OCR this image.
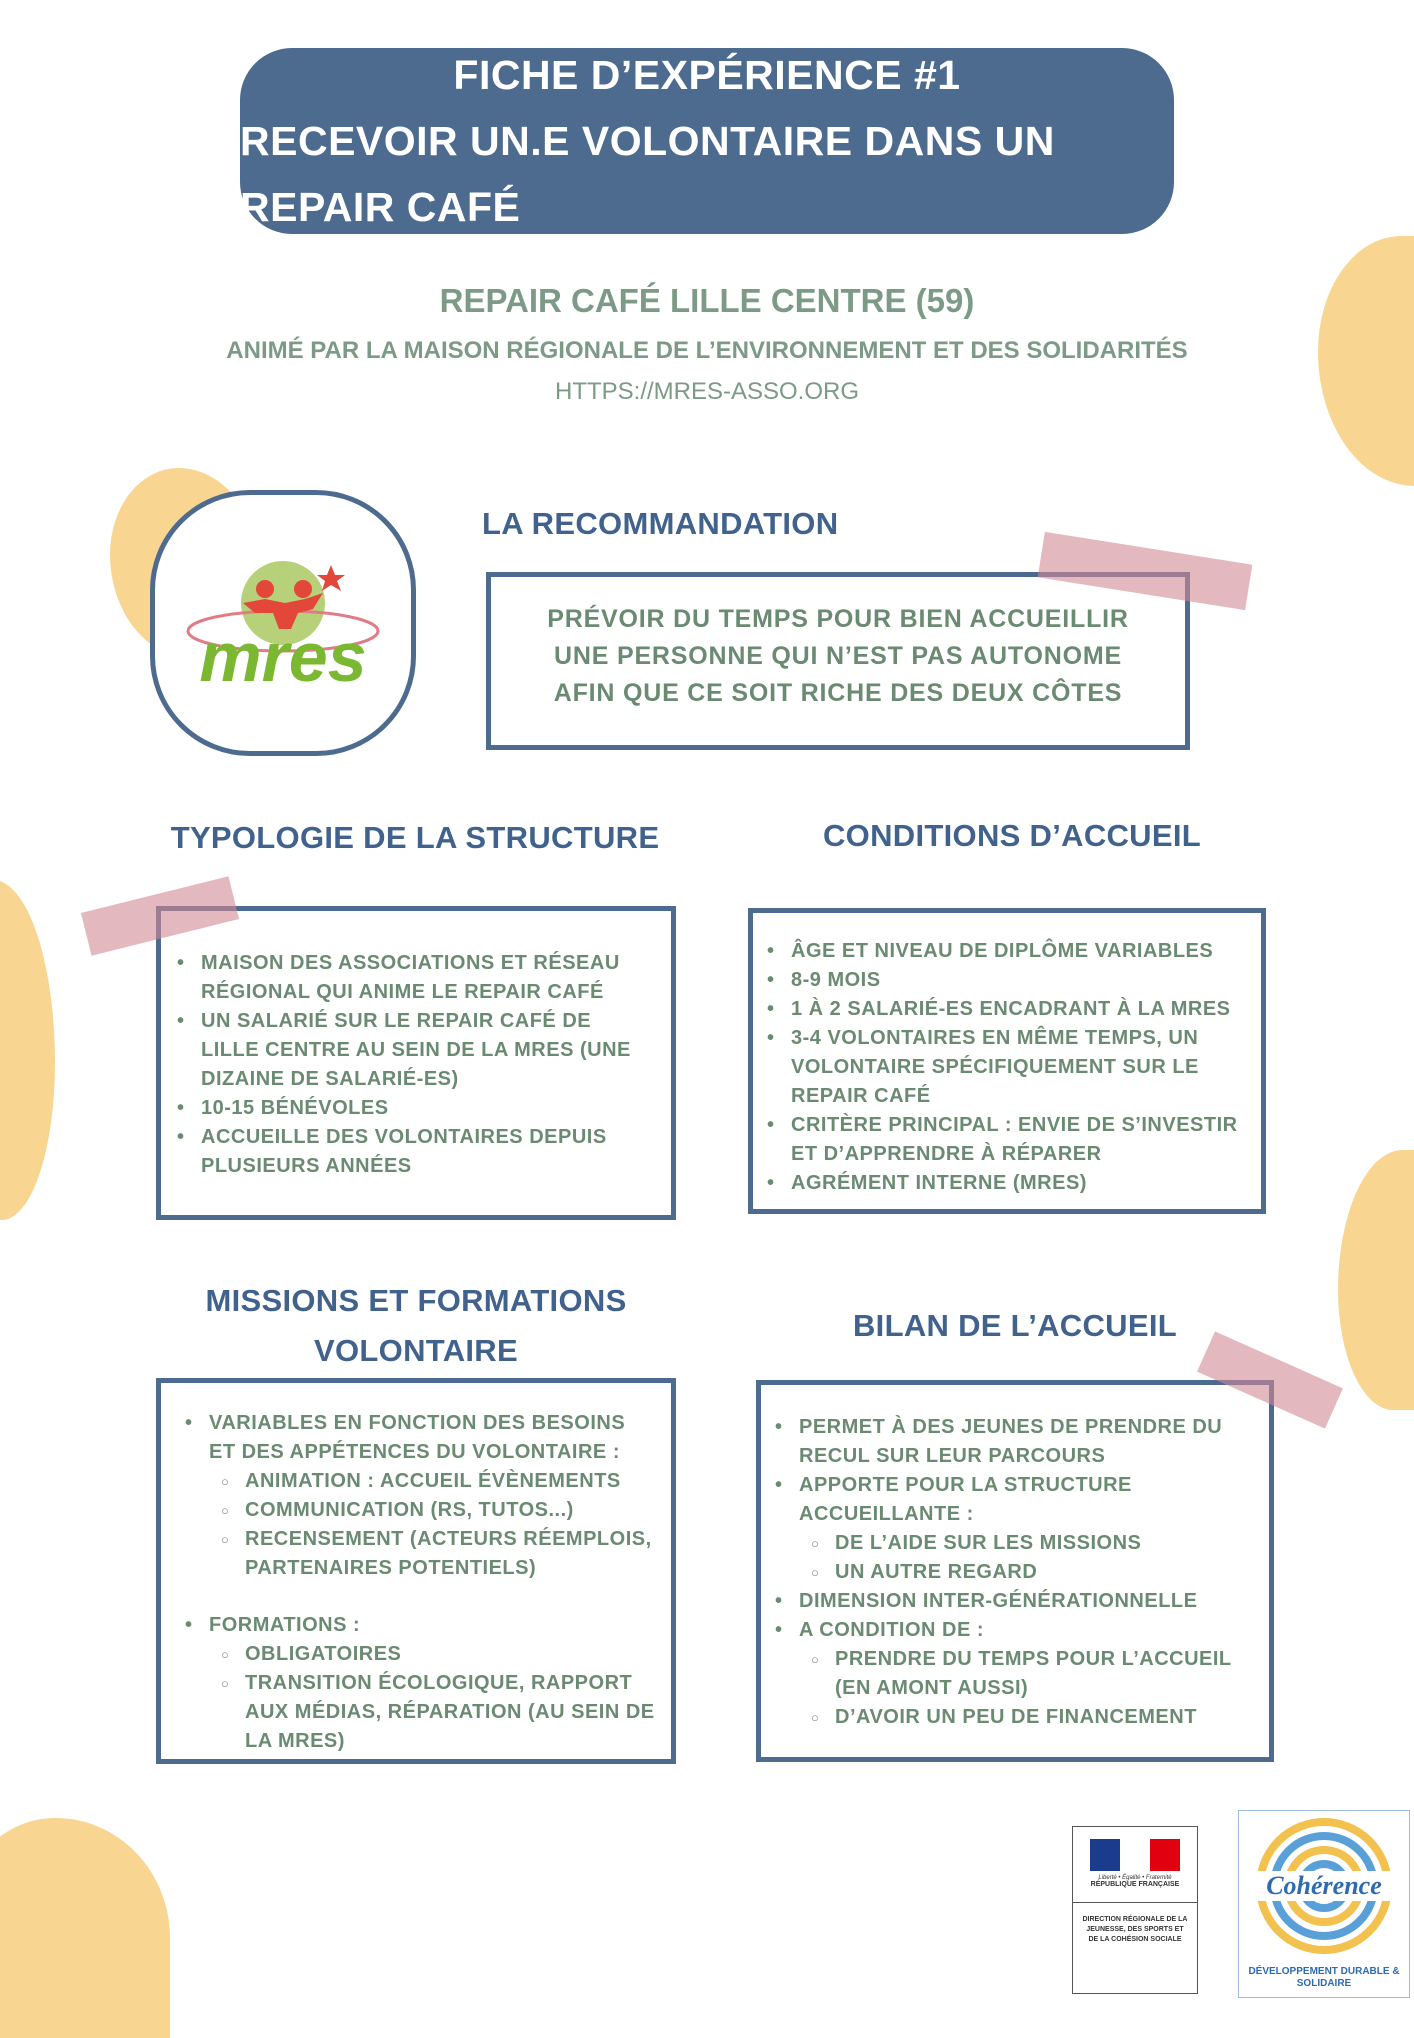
FICHE D’EXPÉRIENCE #1
RECEVOIR UN.E VOLONTAIRE DANS UN REPAIR CAFÉ
REPAIR CAFÉ LILLE CENTRE (59)
ANIMÉ PAR LA MAISON RÉGIONALE DE L’ENVIRONNEMENT ET DES SOLIDARITÉS
HTTPS://MRES-ASSO.ORG
mres
LA RECOMMANDATION
PRÉVOIR DU TEMPS POUR BIEN ACCUEILLIR
UNE PERSONNE QUI N’EST PAS AUTONOME
AFIN QUE CE SOIT RICHE DES DEUX CÔTES
TYPOLOGIE DE LA STRUCTURE
• MAISON DES ASSOCIATIONS ET RÉSEAU RÉGIONAL QUI ANIME LE REPAIR CAFÉ
• UN SALARIÉ SUR LE REPAIR CAFÉ DE LILLE CENTRE AU SEIN DE LA MRES (UNE DIZAINE DE SALARIÉ-ES)
• 10-15 BÉNÉVOLES
• ACCUEILLE DES VOLONTAIRES DEPUIS PLUSIEURS ANNÉES
CONDITIONS D’ACCUEIL
• ÂGE ET NIVEAU DE DIPLÔME VARIABLES
• 8-9 MOIS
• 1 À 2 SALARIÉ-ES ENCADRANT À LA MRES
• 3-4 VOLONTAIRES EN MÊME TEMPS, UN VOLONTAIRE SPÉCIFIQUEMENT SUR LE REPAIR CAFÉ
• CRITÈRE PRINCIPAL : ENVIE DE S’INVESTIR ET D’APPRENDRE À RÉPARER
• AGRÉMENT INTERNE (MRES)
MISSIONS ET FORMATIONS
VOLONTAIRE
• VARIABLES EN FONCTION DES BESOINS ET DES APPÉTENCES DU VOLONTAIRE :
○ ANIMATION : ACCUEIL ÉVÈNEMENTS
○ COMMUNICATION (RS, TUTOS...)
○ RECENSEMENT (ACTEURS RÉEMPLOIS, PARTENAIRES POTENTIELS)
• FORMATIONS :
○ OBLIGATOIRES
○ TRANSITION ÉCOLOGIQUE, RAPPORT AUX MÉDIAS, RÉPARATION (AU SEIN DE LA MRES)
BILAN DE L’ACCUEIL
• PERMET À DES JEUNES DE PRENDRE DU RECUL SUR LEUR PARCOURS
• APPORTE POUR LA STRUCTURE ACCUEILLANTE :
○ DE L’AIDE SUR LES MISSIONS
○ UN AUTRE REGARD
• DIMENSION INTER-GÉNÉRATIONNELLE
• A CONDITION DE :
○ PRENDRE DU TEMPS POUR L’ACCUEIL (EN AMONT AUSSI)
○ D’AVOIR UN PEU DE FINANCEMENT
Liberté • Égalité • Fraternité
RÉPUBLIQUE FRANÇAISE
DIRECTION RÉGIONALE DE LA JEUNESSE, DES SPORTS ET DE LA COHÉSION SOCIALE
Cohérence
DÉVELOPPEMENT DURABLE & SOLIDAIRE
